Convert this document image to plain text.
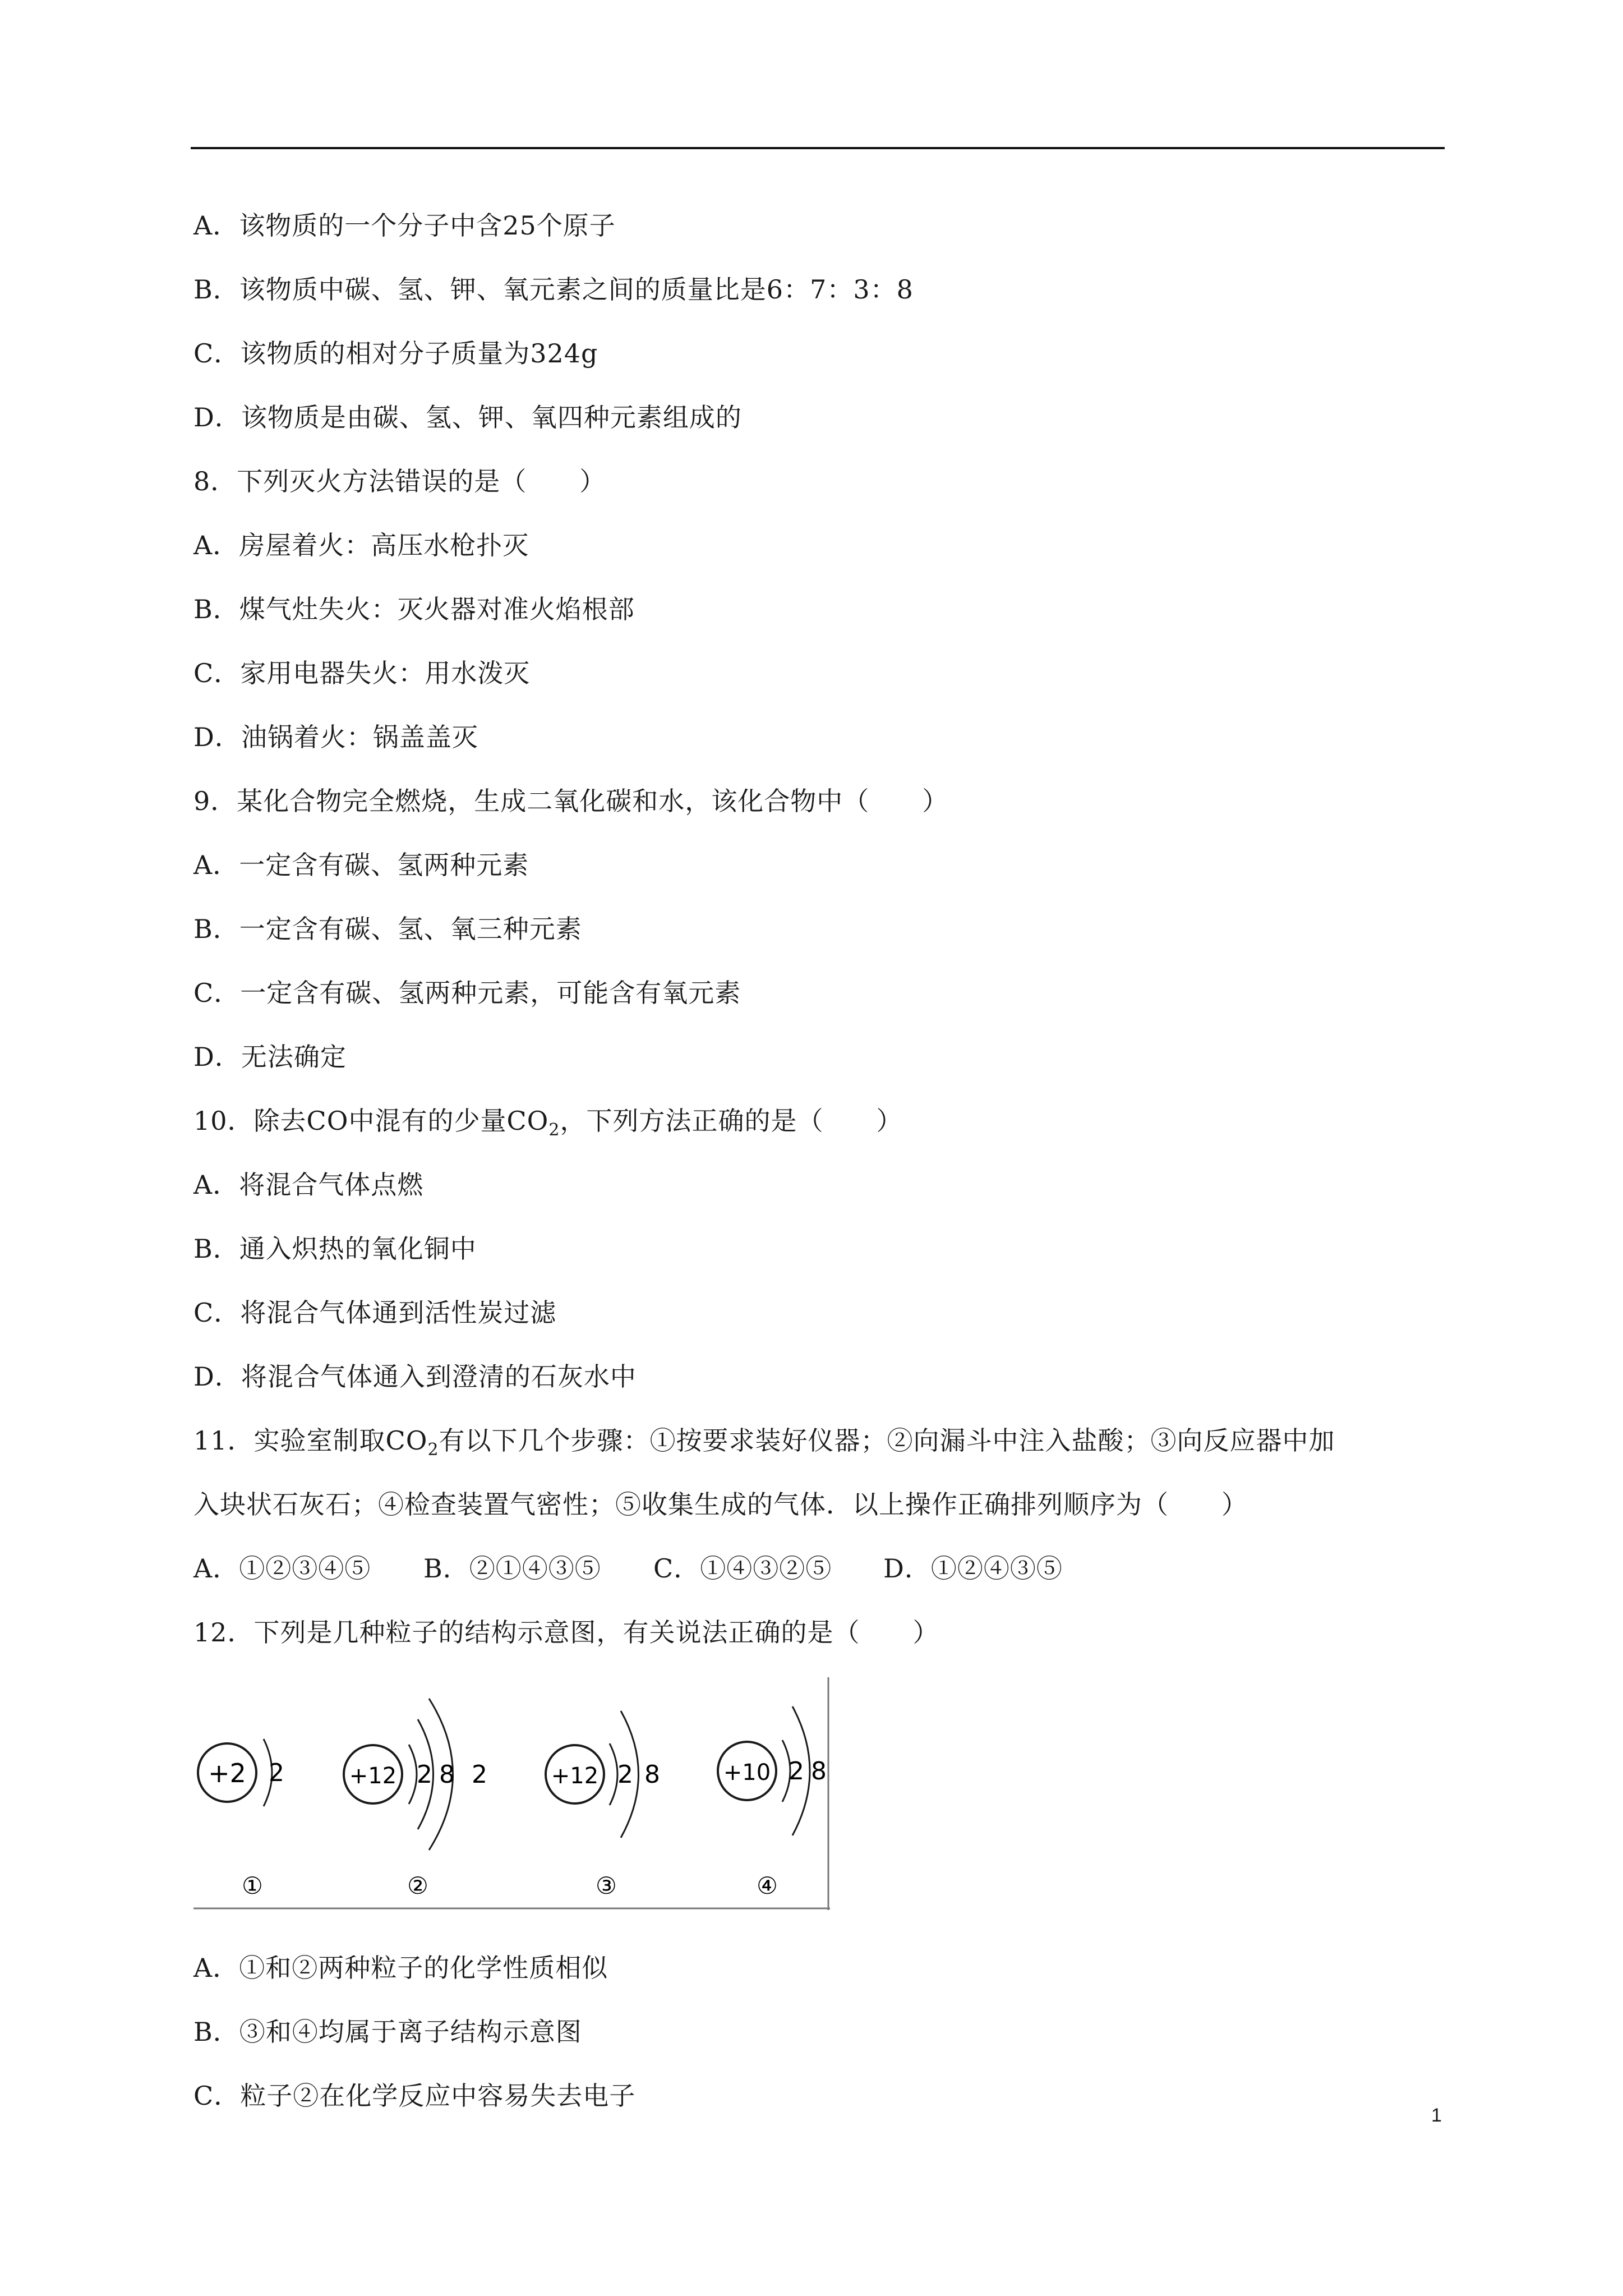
A．该物质的一个分子中含25个原子
B．该物质中碳、氢、钾、氧元素之间的质量比是6：7：3：8
C．该物质的相对分子质量为324g
D．该物质是由碳、氢、钾、氧四种元素组成的
8．下列灭火方法错误的是（　　）
A．房屋着火：高压水枪扑灭
B．煤气灶失火：灭火器对准火焰根部
C．家用电器失火：用水泼灭
D．油锅着火：锅盖盖灭
9．某化合物完全燃烧，生成二氧化碳和水，该化合物中（　　）
A．一定含有碳、氢两种元素
B．一定含有碳、氢、氧三种元素
C．一定含有碳、氢两种元素，可能含有氧元素
D．无法确定
10．除去CO中混有的少量$CO_2$，下列方法正确的是（　　）
A．将混合气体点燃
B．通入炽热的氧化铜中
C．将混合气体通到活性炭过滤
D．将混合气体通入到澄清的石灰水中
11．实验室制取$CO_2$有以下几个步骤：①按要求装好仪器；②向漏斗中注入盐酸；③向反应器中加
入块状石灰石；④检查装置气密性；⑤收集生成的气体．以上操作正确排列顺序为（　　）
A．①②③④⑤ B．②①④③⑤ C．①④③②⑤ D．①②④③⑤
12．下列是几种粒子的结构示意图，有关说法正确的是（　　）
+2 2
①
+12 2 8 2
②
+12 2 8
③
+10 2 8
④
A．①和②两种粒子的化学性质相似
B．③和④均属于离子结构示意图
C．粒子②在化学反应中容易失去电子
1
